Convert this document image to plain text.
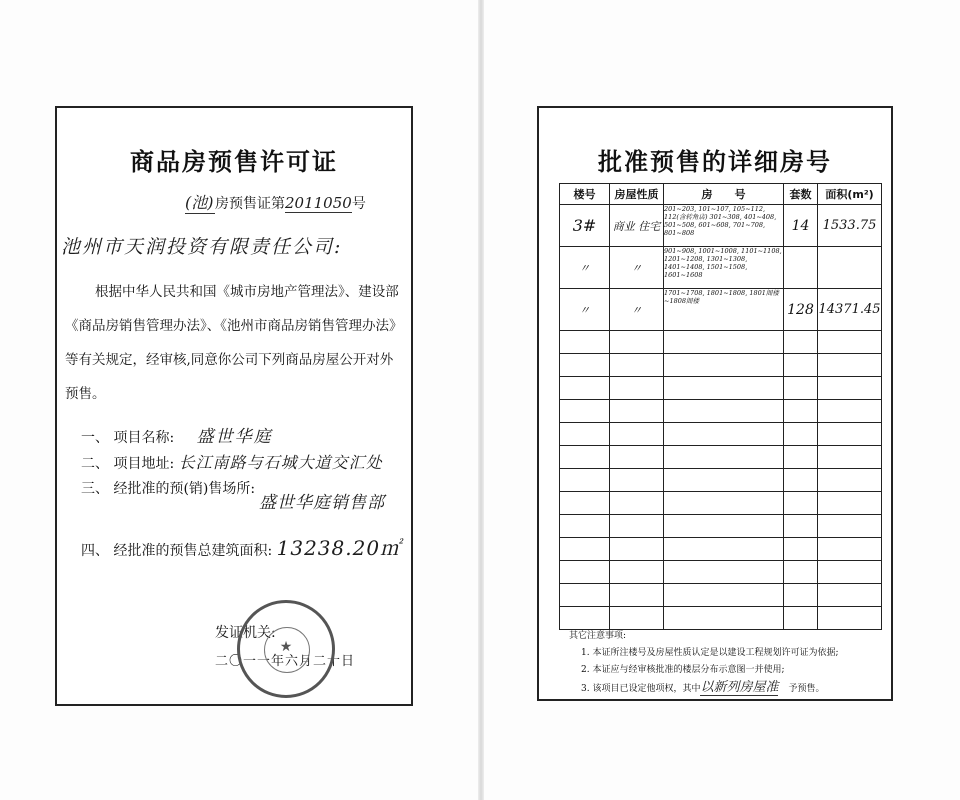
商品房预售许可证
(池) 房预售证第2011050号
池州市天润投资有限责任公司:
根据中华人民共和国《城市房地产管理法》、建设部
《商品房销售管理办法》、《池州市商品房销售管理办法》
等有关规定，经审核,同意你公司下列商品房屋公开对外
预售。
一、 项目名称: 盛世华庭
二、 项目地址: 长江南路与石城大道交汇处
三、 经批准的预(销)售场所:
盛世华庭销售部
四、 经批准的预售总建筑面积: 13238.20㎡
发证机关:
二〇一一年六月二十日
★
批准预售的详细房号
楼号	房屋性质	房　　号	套数	面积(m²)
3#	商业 住宅	201~203, 101~107, 105~112, 112(含转角店) 301~308, 401~408, 501~508, 601~608, 701~708, 801~808	14	1533.75
〃	〃	901~908, 1001~1008, 1101~1108, 1201~1208, 1301~1308, 1401~1408, 1501~1508, 1601~1608		
〃	〃	1701~1708, 1801~1808, 1801阁楼~1808阁楼	128	14371.45

其它注意事项:
1. 本证所注楼号及房屋性质认定是以建设工程规划许可证为依据;
2. 本证应与经审核批准的楼层分布示意图一并使用;
3. 该项目已设定他项权，其中以新列房屋准 予预售。
